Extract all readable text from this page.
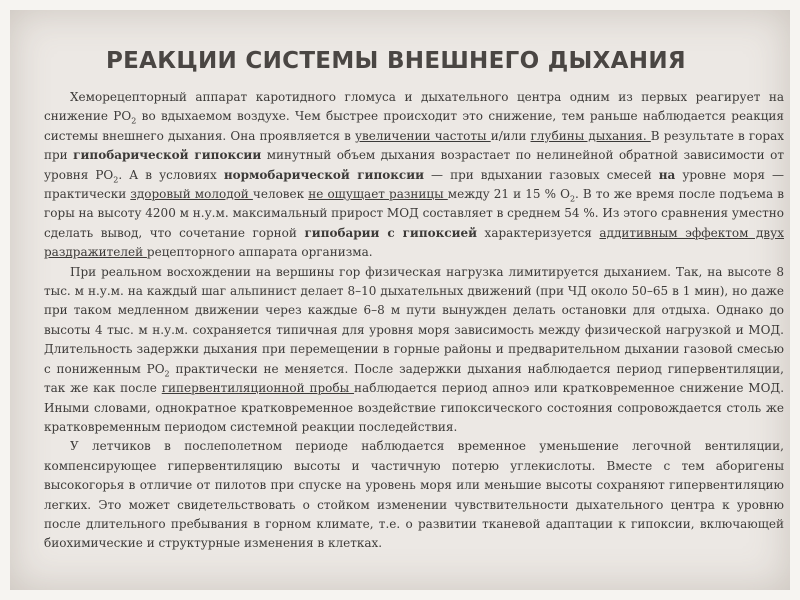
РЕАКЦИИ СИСТЕМЫ ВНЕШНЕГО ДЫХАНИЯ

Хеморецепторный аппарат каротидного гломуса и дыхательного центра одним из первых реагирует на снижение $РО_2$ во вдыхаемом воздухе. Чем быстрее происходит это снижение, тем раньше наблюдается реакция системы внешнего дыхания. Она проявляется в увеличении частоты и/или глубины дыхания. В результате в горах при гипобарической гипоксии минутный объем дыхания возрастает по нелинейной обратной зависимости от уровня $РО_2$. А в условиях нормобарической гипоксии — при вдыхании газовых смесей на уровне моря — практически здоровый молодой человек не ощущает разницы между 21 и 15 % $О_2$. В то же время после подъема в горы на высоту 4200 м н.у.м. максимальный прирост МОД составляет в среднем 54 %. Из этого сравнения уместно сделать вывод, что сочетание горной гипобарии с гипоксией характеризуется аддитивным эффектом двух раздражителей рецепторного аппарата организма.

При реальном восхождении на вершины гор физическая нагрузка лимитируется дыханием. Так, на высоте 8 тыс. м н.у.м. на каждый шаг альпинист делает 8–10 дыхательных движений (при ЧД около 50–65 в 1 мин), но даже при таком медленном движении через каждые 6–8 м пути вынужден делать остановки для отдыха. Однако до высоты 4 тыс. м н.у.м. сохраняется типичная для уровня моря зависимость между физической нагрузкой и МОД. Длительность задержки дыхания при перемещении в горные районы и предварительном дыхании газовой смесью с пониженным $РО_2$ практически не меняется. После задержки дыхания наблюдается период гипервентиляции, так же как после гипервентиляционной пробы наблюдается период апноэ или кратковременное снижение МОД. Иными словами, однократное кратковременное воздействие гипоксического состояния сопровождается столь же кратковременным периодом системной реакции последействия.

У летчиков в послеполетном периоде наблюдается временное уменьшение легочной вентиляции, компенсирующее гипервентиляцию высоты и частичную потерю углекислоты. Вместе с тем аборигены высокогорья в отличие от пилотов при спуске на уровень моря или меньшие высоты сохраняют гипервентиляцию легких. Это может свидетельствовать о стойком изменении чувствительности дыхательного центра к уровню после длительного пребывания в горном климате, т.е. о развитии тканевой адаптации к гипоксии, включающей биохимические и структурные изменения в клетках.
